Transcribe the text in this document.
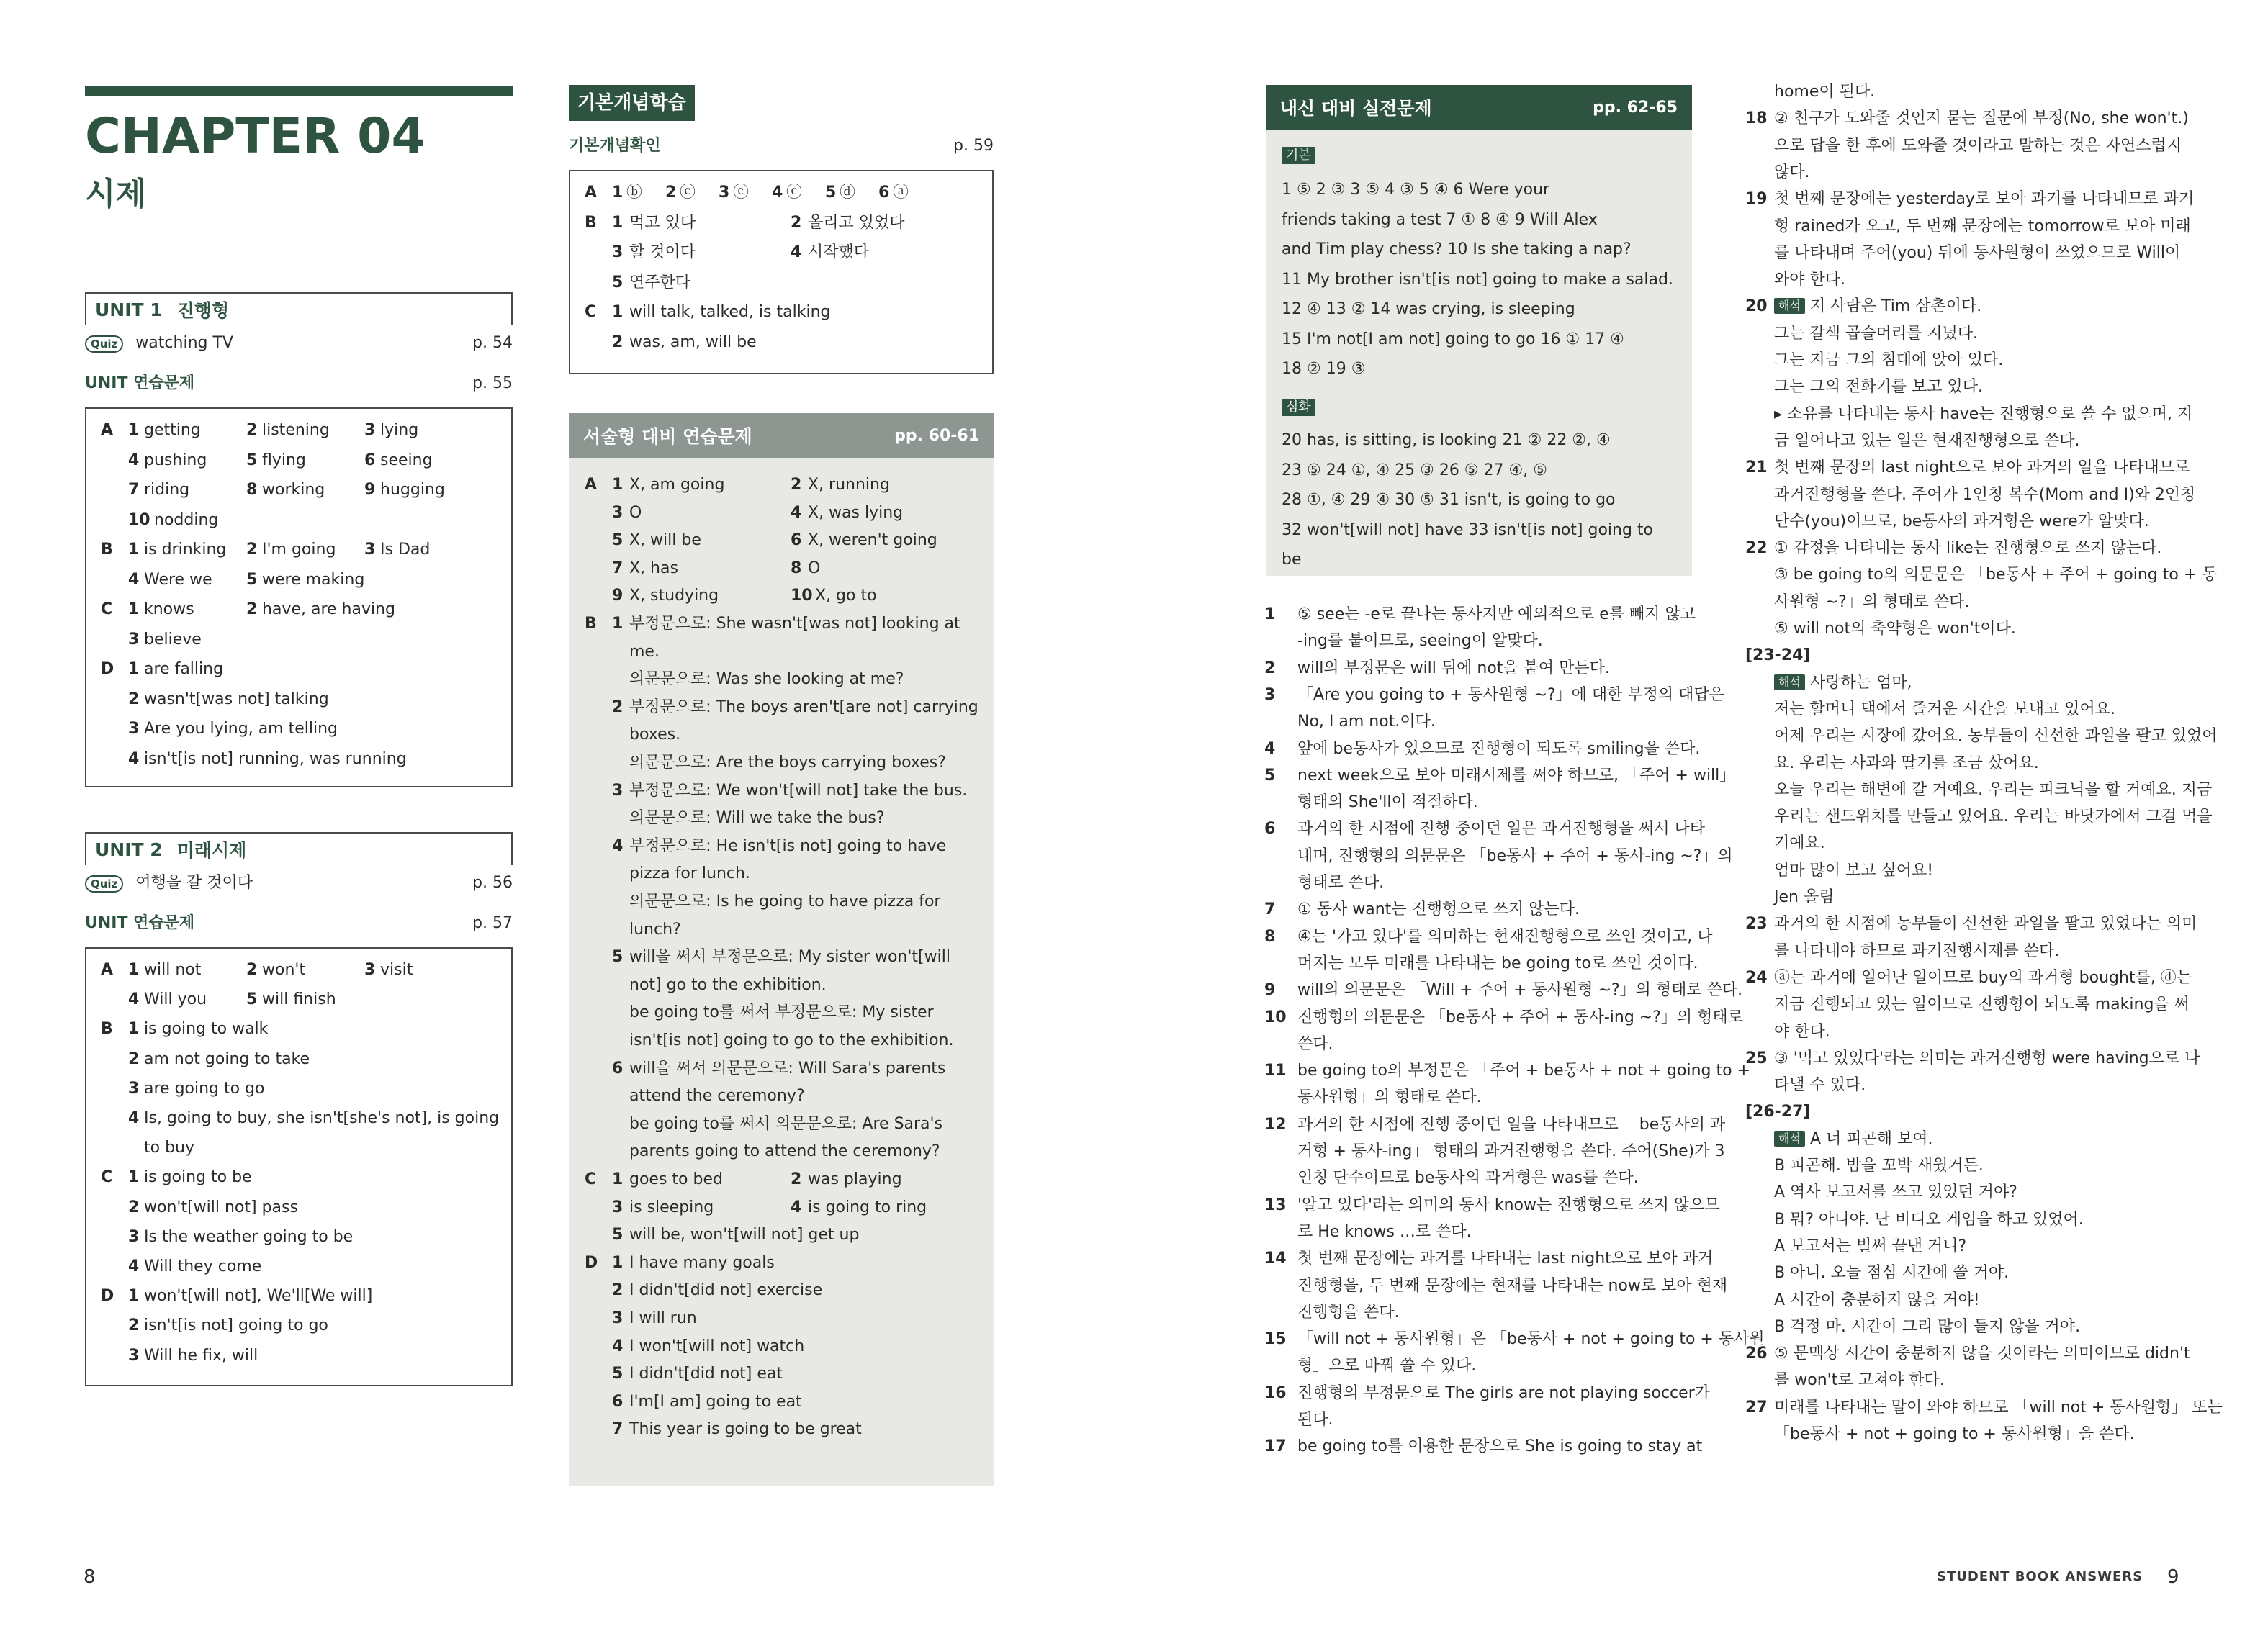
CHAPTER 04
시제
UNIT 1 진행형
Quiz watching TV	p. 54
UNIT 연습문제	p. 55
A 1 getting	2 listening 3 lying
4 pushing 5 flying	6 seeing
7 riding	8 working 9 hugging
10 nodding
B 1 is drinking 2 I'm going 3 Is Dad
4 Were we 5 were making
C 1 knows	2 have, are having
3 believe
D 1 are falling
2 wasn't[was not] talking
3 Are you lying, am telling
4 isn't[is not] running, was running
UNIT 2 미래시제
Quiz 여행을 갈 것이다	p. 56
UNIT 연습문제	p. 57
A 1 will not	2 won't	3 visit
4 Will you 5 will finish
B 1 is going to walk
2 am not going to take
3 are going to go
4 Is, going to buy, she isn't[she's not], is going
to buy
C 1 is going to be
2 won't[will not] pass
3 Is the weather going to be
4 Will they come
D 1 won't[will not], We'll[We will]
2 isn't[is not] going to go
3 Will he fix, will
기본개념학습
기본개념확인	p. 59
A 1 ⓑ 2 ⓒ 3 ⓒ 4 ⓒ 5 ⓓ 6 ⓐ
B 1 먹고 있다	2 올리고 있었다
3 할 것이다	4 시작했다
5 연주한다
C 1 will talk, talked, is talking
2 was, am, will be
서술형 대비 연습문제	pp. 60-61
A 1 X, am going	2 X, running
3 O	4 X, was lying
5 X, will be	6 X, weren't going
7 X, has	8 O
9 X, studying	10 X, go to
B 1 부정문으로: She wasn't[was not] looking at
me.
의문문으로: Was she looking at me?
2 부정문으로: The boys aren't[are not] carrying
boxes.
의문문으로: Are the boys carrying boxes?
3 부정문으로: We won't[will not] take the bus.
의문문으로: Will we take the bus?
4 부정문으로: He isn't[is not] going to have
pizza for lunch.
의문문으로: Is he going to have pizza for
lunch?
5 will을 써서 부정문으로: My sister won't[will
not] go to the exhibition.
be going to를 써서 부정문으로: My sister
isn't[is not] going to go to the exhibition.
6 will을 써서 의문문으로: Will Sara's parents
attend the ceremony?
be going to를 써서 의문문으로: Are Sara's
parents going to attend the ceremony?
C 1 goes to bed	2 was playing
3 is sleeping	4 is going to ring
5 will be, won't[will not] get up
D 1 I have many goals
2 I didn't[did not] exercise
3 I will run
4 I won't[will not] watch
5 I didn't[did not] eat
6 I'm[I am] going to eat
7 This year is going to be great
내신 대비 실전문제	pp. 62-65
기본
1 ⑤ 2 ③ 3 ⑤ 4 ③ 5 ④ 6 Were your
friends taking a test 7 ① 8 ④ 9 Will Alex
and Tim play chess? 10 Is she taking a nap?
11 My brother isn't[is not] going to make a salad.
12 ④ 13 ② 14 was crying, is sleeping
15 I'm not[I am not] going to go 16 ① 17 ④
18 ② 19 ③
심화
20 has, is sitting, is looking 21 ② 22 ②, ④
23 ⑤ 24 ①, ④ 25 ③ 26 ⑤ 27 ④, ⑤
28 ①, ④ 29 ④ 30 ⑤ 31 isn't, is going to go
32 won't[will not] have 33 isn't[is not] going to
be
1 ⑤ see는 -e로 끝나는 동사지만 예외적으로 e를 빼지 않고
-ing를 붙이므로, seeing이 알맞다.
2 will의 부정문은 will 뒤에 not을 붙여 만든다.
3 「Are you going to + 동사원형 ~?」에 대한 부정의 대답은
No, I am not.이다.
4 앞에 be동사가 있으므로 진행형이 되도록 smiling을 쓴다.
5 next week으로 보아 미래시제를 써야 하므로, 「주어 + will」
형태의 She'll이 적절하다.
6 과거의 한 시점에 진행 중이던 일은 과거진행형을 써서 나타
내며, 진행형의 의문문은 「be동사 + 주어 + 동사-ing ~?」의
형태로 쓴다.
7 ① 동사 want는 진행형으로 쓰지 않는다.
8 ④는 '가고 있다'를 의미하는 현재진행형으로 쓰인 것이고, 나
머지는 모두 미래를 나타내는 be going to로 쓰인 것이다.
9 will의 의문문은 「Will + 주어 + 동사원형 ~?」의 형태로 쓴다.
10 진행형의 의문문은 「be동사 + 주어 + 동사-ing ~?」의 형태로
쓴다.
11 be going to의 부정문은 「주어 + be동사 + not + going to +
동사원형」의 형태로 쓴다.
12 과거의 한 시점에 진행 중이던 일을 나타내므로 「be동사의 과
거형 + 동사-ing」 형태의 과거진행형을 쓴다. 주어(She)가 3
인칭 단수이므로 be동사의 과거형은 was를 쓴다.
13 '알고 있다'라는 의미의 동사 know는 진행형으로 쓰지 않으므
로 He knows …로 쓴다.
14 첫 번째 문장에는 과거를 나타내는 last night으로 보아 과거
진행형을, 두 번째 문장에는 현재를 나타내는 now로 보아 현재
진행형을 쓴다.
15 「will not + 동사원형」은 「be동사 + not + going to + 동사원
형」으로 바꿔 쓸 수 있다.
16 진행형의 부정문으로 The girls are not playing soccer가
된다.
17 be going to를 이용한 문장으로 She is going to stay at
home이 된다.
18 ② 친구가 도와줄 것인지 묻는 질문에 부정(No, she won't.)
으로 답을 한 후에 도와줄 것이라고 말하는 것은 자연스럽지
않다.
19 첫 번째 문장에는 yesterday로 보아 과거를 나타내므로 과거
형 rained가 오고, 두 번째 문장에는 tomorrow로 보아 미래
를 나타내며 주어(you) 뒤에 동사원형이 쓰였으므로 Will이
와야 한다.
20 해석 저 사람은 Tim 삼촌이다.
그는 갈색 곱슬머리를 지녔다.
그는 지금 그의 침대에 앉아 있다.
그는 그의 전화기를 보고 있다.
▸ 소유를 나타내는 동사 have는 진행형으로 쓸 수 없으며, 지
금 일어나고 있는 일은 현재진행형으로 쓴다.
21 첫 번째 문장의 last night으로 보아 과거의 일을 나타내므로
과거진행형을 쓴다. 주어가 1인칭 복수(Mom and I)와 2인칭
단수(you)이므로, be동사의 과거형은 were가 알맞다.
22 ① 감정을 나타내는 동사 like는 진행형으로 쓰지 않는다.
③ be going to의 의문문은 「be동사 + 주어 + going to + 동
사원형 ~?」의 형태로 쓴다.
⑤ will not의 축약형은 won't이다.
[23-24]
해석 사랑하는 엄마,
저는 할머니 댁에서 즐거운 시간을 보내고 있어요.
어제 우리는 시장에 갔어요. 농부들이 신선한 과일을 팔고 있었어
요. 우리는 사과와 딸기를 조금 샀어요.
오늘 우리는 해변에 갈 거예요. 우리는 피크닉을 할 거예요. 지금
우리는 샌드위치를 만들고 있어요. 우리는 바닷가에서 그걸 먹을
거예요.
엄마 많이 보고 싶어요!
Jen 올림
23 과거의 한 시점에 농부들이 신선한 과일을 팔고 있었다는 의미
를 나타내야 하므로 과거진행시제를 쓴다.
24 ⓐ는 과거에 일어난 일이므로 buy의 과거형 bought를, ⓓ는
지금 진행되고 있는 일이므로 진행형이 되도록 making을 써
야 한다.
25 ③ '먹고 있었다'라는 의미는 과거진행형 were having으로 나
타낼 수 있다.
[26-27]
해석 A 너 피곤해 보여.
B 피곤해. 밤을 꼬박 새웠거든.
A 역사 보고서를 쓰고 있었던 거야?
B 뭐? 아니야. 난 비디오 게임을 하고 있었어.
A 보고서는 벌써 끝낸 거니?
B 아니. 오늘 점심 시간에 쓸 거야.
A 시간이 충분하지 않을 거야!
B 걱정 마. 시간이 그리 많이 들지 않을 거야.
26 ⑤ 문맥상 시간이 충분하지 않을 것이라는 의미이므로 didn't
를 won't로 고쳐야 한다.
27 미래를 나타내는 말이 와야 하므로 「will not + 동사원형」 또는
「be동사 + not + going to + 동사원형」을 쓴다.
8	STUDENT BOOK ANSWERS 9
